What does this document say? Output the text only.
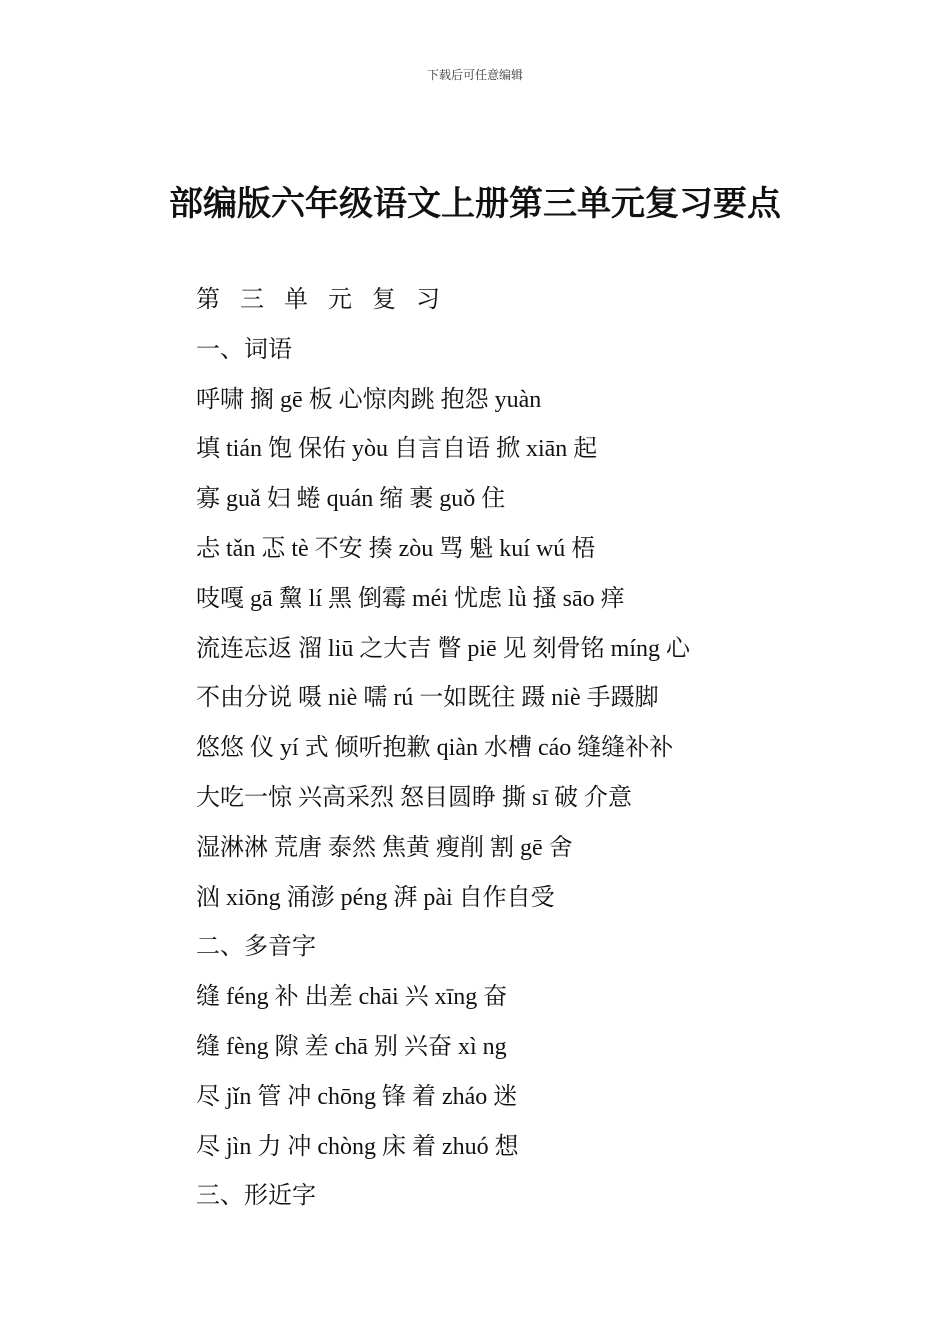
下载后可任意编辑
部编版六年级语文上册第三单元复习要点
第 三 单 元 复 习
一、词语
呼啸 搁 gē 板 心惊肉跳 抱怨 yuàn
填 tián 饱 保佑 yòu 自言自语 掀 xiān 起
寡 guǎ 妇 蜷 quán 缩 裹 guǒ 住
忐 tǎn 忑 tè 不安 揍 zòu 骂 魁 kuí wú 梧
吱嘎 gā 黧 lí 黑 倒霉 méi 忧虑 lǜ 搔 sāo 痒
流连忘返 溜 liū 之大吉 瞥 piē 见 刻骨铭 míng 心
不由分说 嗫 niè 嚅 rú 一如既往 蹑 niè 手蹑脚
悠悠 仪 yí 式 倾听抱歉 qiàn 水槽 cáo 缝缝补补
大吃一惊 兴高采烈 怒目圆睁 撕 sī 破 介意
湿淋淋 荒唐 泰然 焦黄 瘦削 割 gē 舍
汹 xiōng 涌澎 péng 湃 pài 自作自受
二、多音字
缝 féng 补 出差 chāi 兴 xīng 奋
缝 fèng 隙 差 chā 别 兴奋 xì ng
尽 jǐn 管 冲 chōng 锋 着 zháo 迷
尽 jìn 力 冲 chòng 床 着 zhuó 想
三、形近字
